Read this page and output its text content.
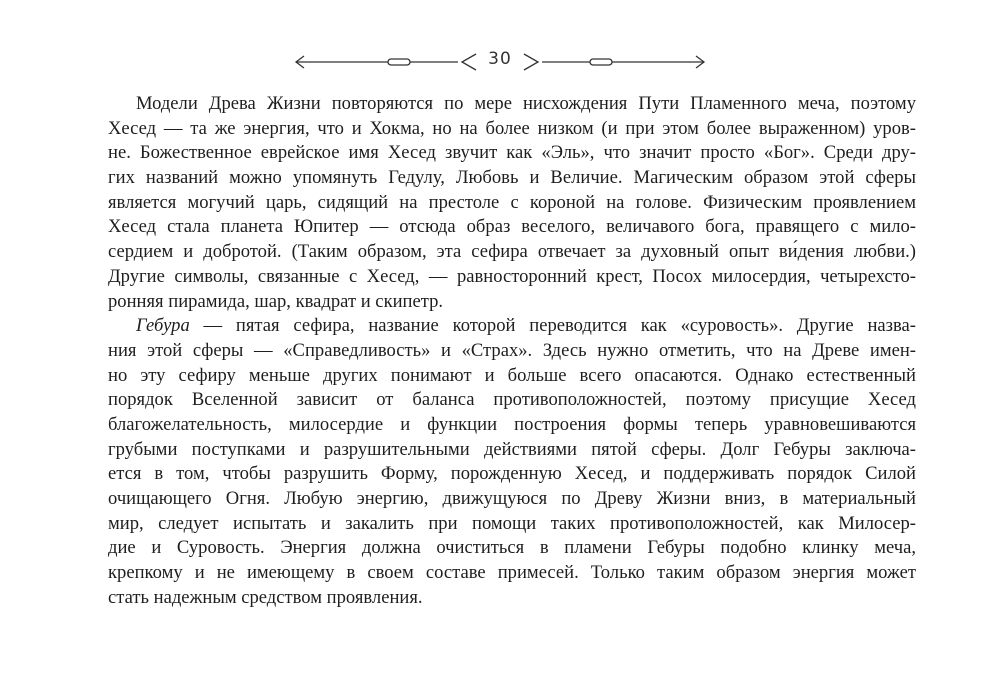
30
Модели Древа Жизни повторяются по мере нисхождения Пути Пламенного меча, поэтому
Хесед — та же энергия, что и Хокма, но на более низком (и при этом более выраженном) уров-
не. Божественное еврейское имя Хесед звучит как «Эль», что значит просто «Бог». Среди дру-
гих названий можно упомянуть Гедулу, Любовь и Величие. Магическим образом этой сферы
является могучий царь, сидящий на престоле с короной на голове. Физическим проявлением
Хесед стала планета Юпитер — отсюда образ веселого, величавого бога, правящего с мило-
сердием и добротой. (Таким образом, эта сефира отвечает за духовный опыт ви́дения любви.)
Другие символы, связанные с Хесед, — равносторонний крест, Посох милосердия, четырехсто-
ронняя пирамида, шар, квадрат и скипетр.
Гебура — пятая сефира, название которой переводится как «суровость». Другие назва-
ния этой сферы — «Справедливость» и «Страх». Здесь нужно отметить, что на Древе имен-
но эту сефиру меньше других понимают и больше всего опасаются. Однако естественный
порядок Вселенной зависит от баланса противоположностей, поэтому присущие Хесед
благожелательность, милосердие и функции построения формы теперь уравновешиваются
грубыми поступками и разрушительными действиями пятой сферы. Долг Гебуры заключа-
ется в том, чтобы разрушить Форму, порожденную Хесед, и поддерживать порядок Силой
очищающего Огня. Любую энергию, движущуюся по Древу Жизни вниз, в материальный
мир, следует испытать и закалить при помощи таких противоположностей, как Милосер-
дие и Суровость. Энергия должна очиститься в пламени Гебуры подобно клинку меча,
крепкому и не имеющему в своем составе примесей. Только таким образом энергия может
стать надежным средством проявления.
